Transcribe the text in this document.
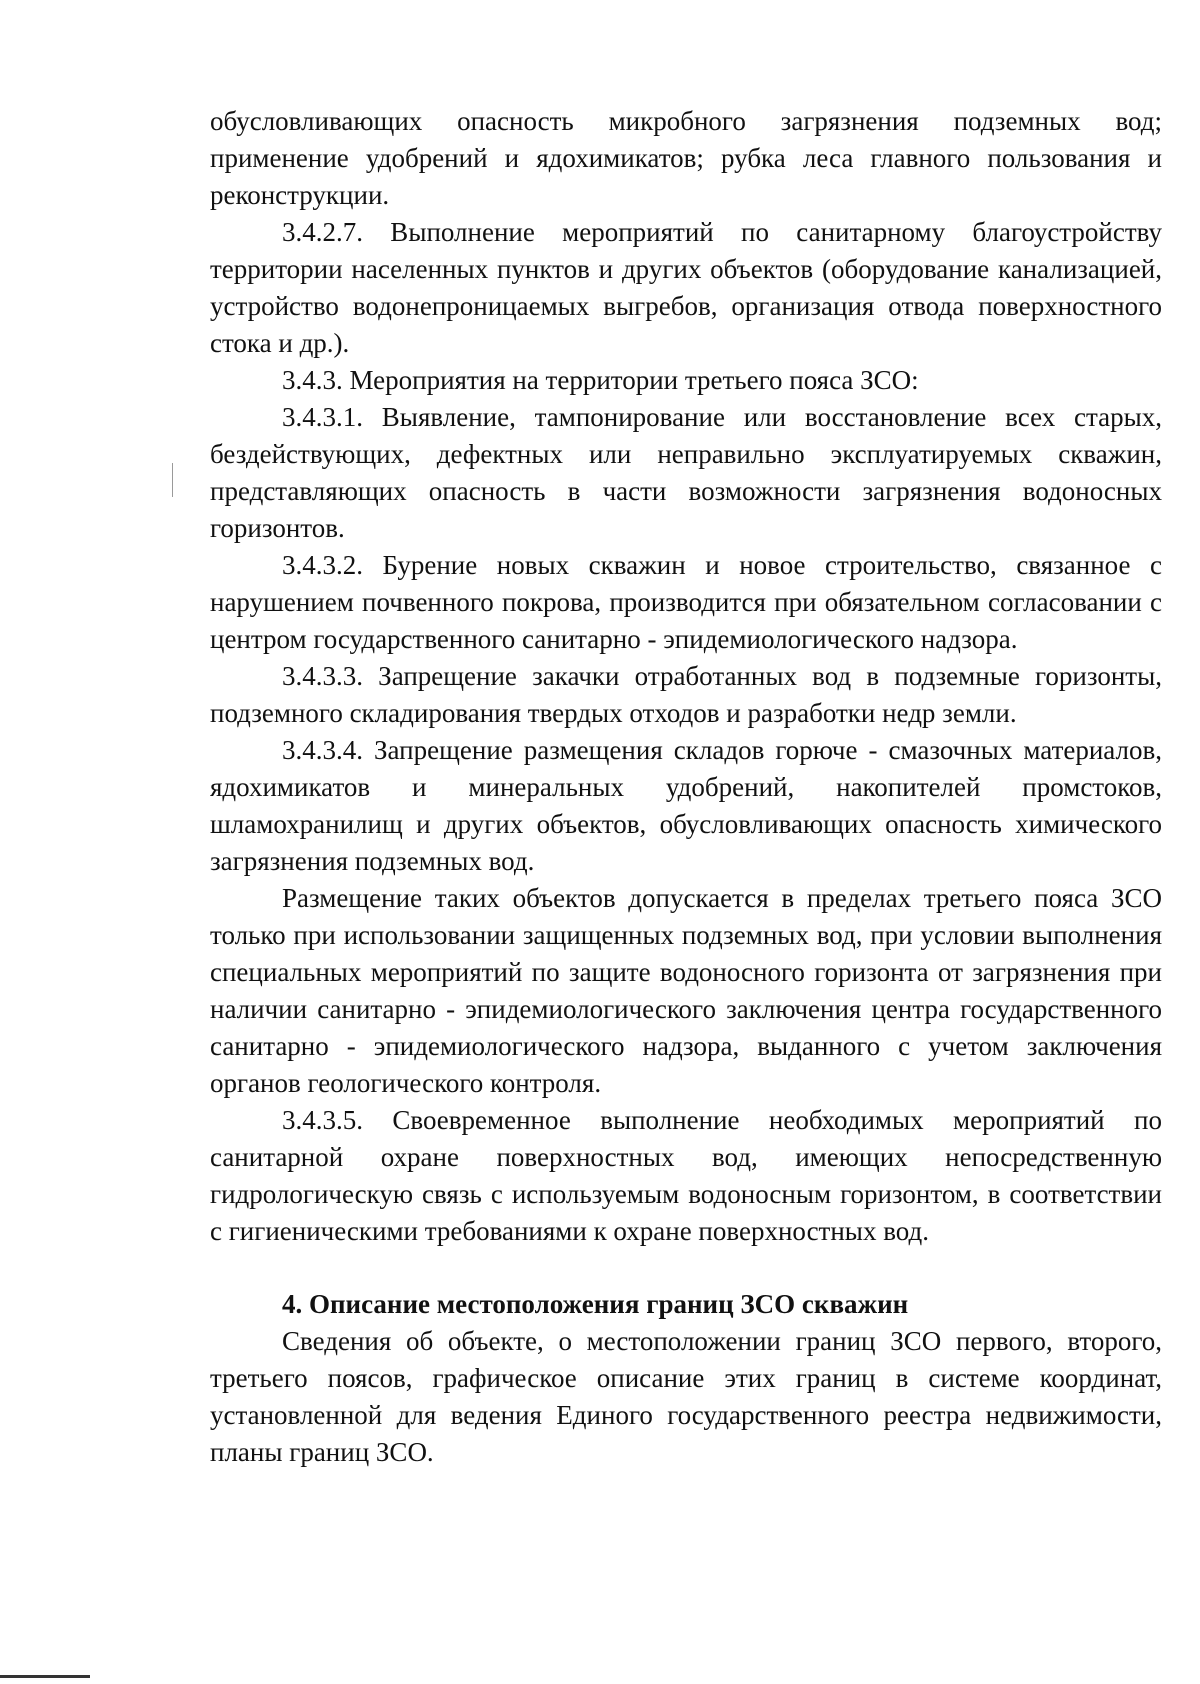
обусловливающих опасность микробного загрязнения подземных вод; применение удобрений и ядохимикатов; рубка леса главного пользования и реконструкции.

3.4.2.7. Выполнение мероприятий по санитарному благоустройству территории населенных пунктов и других объектов (оборудование канализацией, устройство водонепроницаемых выгребов, организация отвода поверхностного стока и др.).

3.4.3. Мероприятия на территории третьего пояса ЗСО:

3.4.3.1. Выявление, тампонирование или восстановление всех старых, бездействующих, дефектных или неправильно эксплуатируемых скважин, представляющих опасность в части возможности загрязнения водоносных горизонтов.

3.4.3.2. Бурение новых скважин и новое строительство, связанное с нарушением почвенного покрова, производится при обязательном согласовании с центром государственного санитарно - эпидемиологического надзора.

3.4.3.3. Запрещение закачки отработанных вод в подземные горизонты, подземного складирования твердых отходов и разработки недр земли.

3.4.3.4. Запрещение размещения складов горюче - смазочных материалов, ядохимикатов и минеральных удобрений, накопителей промстоков, шламохранилищ и других объектов, обусловливающих опасность химического загрязнения подземных вод.

Размещение таких объектов допускается в пределах третьего пояса ЗСО только при использовании защищенных подземных вод, при условии выполнения специальных мероприятий по защите водоносного горизонта от загрязнения при наличии санитарно - эпидемиологического заключения центра государственного санитарно - эпидемиологического надзора, выданного с учетом заключения органов геологического контроля.

3.4.3.5. Своевременное выполнение необходимых мероприятий по санитарной охране поверхностных вод, имеющих непосредственную гидрологическую связь с используемым водоносным горизонтом, в соответствии с гигиеническими требованиями к охране поверхностных вод.

4. Описание местоположения границ ЗСО скважин

Сведения об объекте, о местоположении границ ЗСО первого, второго, третьего поясов, графическое описание этих границ в системе координат, установленной для ведения Единого государственного реестра недвижимости, планы границ ЗСО.
